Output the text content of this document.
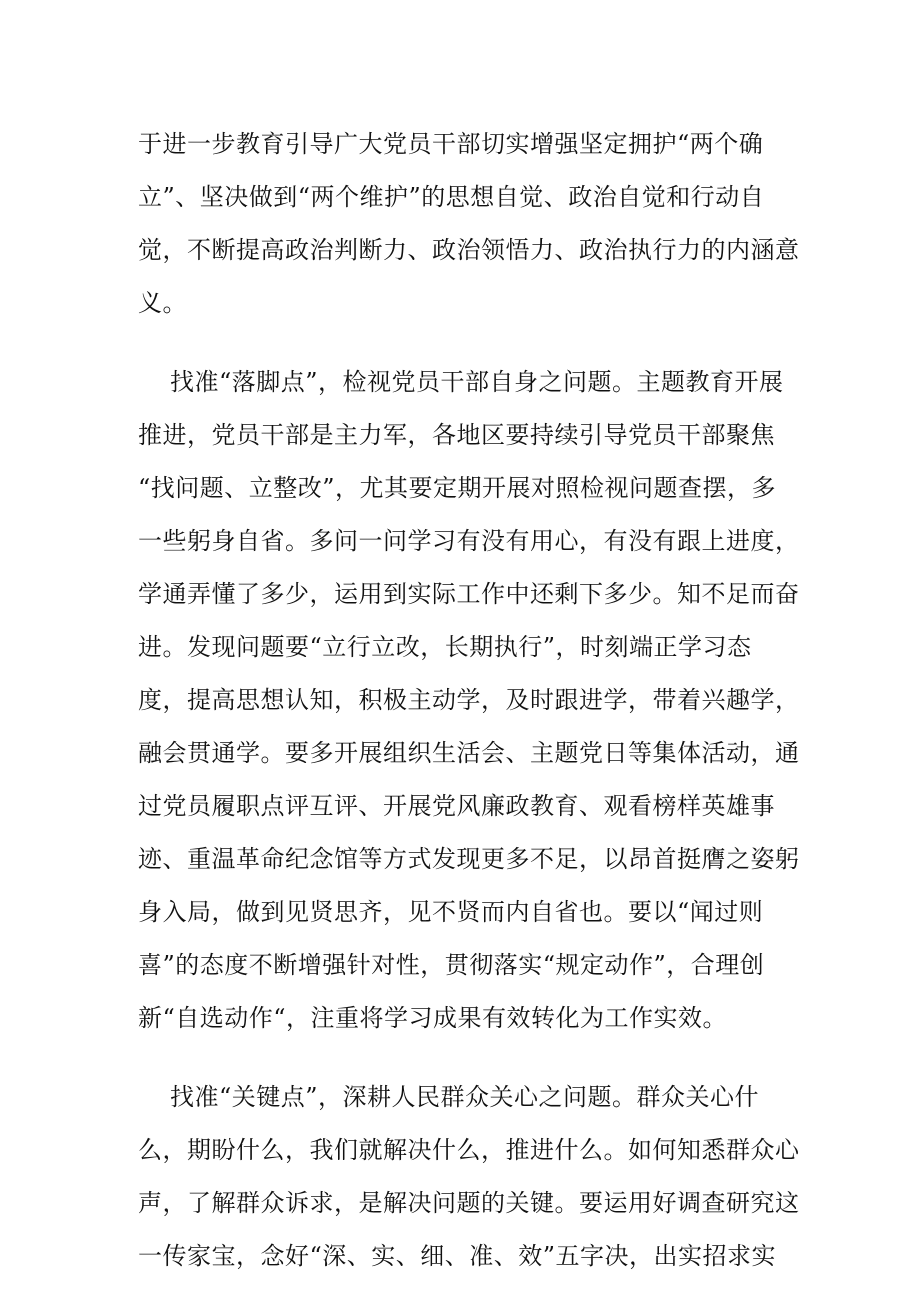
于进一步教育引导广大党员干部切实增强坚定拥护“两个确
立”、坚决做到“两个维护”的思想自觉、政治自觉和行动自
觉，不断提高政治判断力、政治领悟力、政治执行力的内涵意
义。
找准“落脚点”，检视党员干部自身之问题。主题教育开展
推进，党员干部是主力军，各地区要持续引导党员干部聚焦
“找问题、立整改”，尤其要定期开展对照检视问题查摆，多
一些躬身自省。多问一问学习有没有用心，有没有跟上进度，
学通弄懂了多少，运用到实际工作中还剩下多少。知不足而奋
进。发现问题要“立行立改，长期执行”，时刻端正学习态
度，提高思想认知，积极主动学，及时跟进学，带着兴趣学，
融会贯通学。要多开展组织生活会、主题党日等集体活动，通
过党员履职点评互评、开展党风廉政教育、观看榜样英雄事
迹、重温革命纪念馆等方式发现更多不足，以昂首挺膺之姿躬
身入局，做到见贤思齐，见不贤而内自省也。要以“闻过则
喜”的态度不断增强针对性，贯彻落实“规定动作”，合理创
新“自选动作“，注重将学习成果有效转化为工作实效。
找准“关键点”，深耕人民群众关心之问题。群众关心什
么，期盼什么，我们就解决什么，推进什么。如何知悉群众心
声，了解群众诉求，是解决问题的关键。要运用好调查研究这
一传家宝，念好“深、实、细、准、效”五字决，出实招求实
